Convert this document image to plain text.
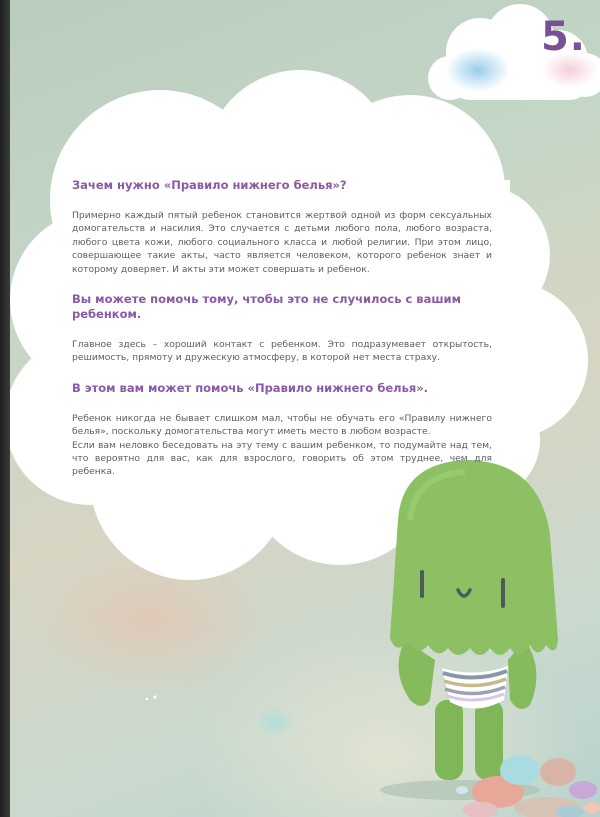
5.
Зачем нужно «Правило нижнего белья»?

Примерно каждый пятый ребенок становится жертвой одной из форм сексуальных домогательств и насилия. Это случается с детьми любого пола, любого возраста, любого цвета кожи, любого социального класса и любой религии. При этом лицо, совершающее такие акты, часто является человеком, которого ребенок знает и которому доверяет. И акты эти может совершать и ребенок.

Вы можете помочь тому, чтобы это не случилось с вашим ребенком.

Главное здесь – хороший контакт с ребенком. Это подразумевает открытость, решимость, прямоту и дружескую атмосферу, в которой нет места страху.

В этом вам может помочь «Правило нижнего белья».

Ребенок никогда не бывает слишком мал, чтобы не обучать его «Правилу нижнего белья», поскольку домогательства могут иметь место в любом возрасте.

Если вам неловко беседовать на эту тему с вашим ребенком, то подумайте над тем, что вероятно для вас, как для взрослого, говорить об этом труднее, чем для ребенка.
